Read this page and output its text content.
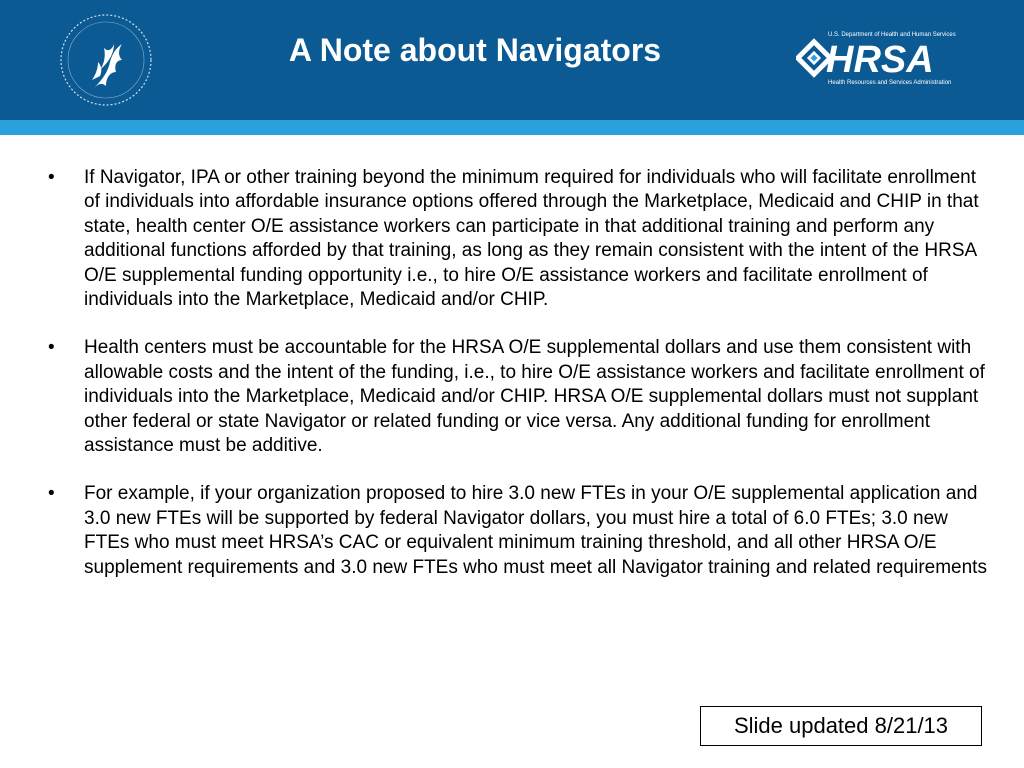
A Note about Navigators	U.S. Department of Health and Human Services
HRSA
Health Resources and Services Administration

• If Navigator, IPA or other training beyond the minimum required for individuals who will facilitate enrollment of individuals into affordable insurance options offered through the Marketplace, Medicaid and CHIP in that state, health center O/E assistance workers can participate in that additional training and perform any additional functions afforded by that training, as long as they remain consistent with the intent of the HRSA O/E supplemental funding opportunity i.e., to hire O/E assistance workers and facilitate enrollment of individuals into the Marketplace, Medicaid and/or CHIP.

• Health centers must be accountable for the HRSA O/E supplemental dollars and use them consistent with allowable costs and the intent of the funding, i.e., to hire O/E assistance workers and facilitate enrollment of individuals into the Marketplace, Medicaid and/or CHIP. HRSA O/E supplemental dollars must not supplant other federal or state Navigator or related funding or vice versa. Any additional funding for enrollment assistance must be additive.

• For example, if your organization proposed to hire 3.0 new FTEs in your O/E supplemental application and 3.0 new FTEs will be supported by federal Navigator dollars, you must hire a total of 6.0 FTEs; 3.0 new FTEs who must meet HRSA’s CAC or equivalent minimum training threshold, and all other HRSA O/E supplement requirements and 3.0 new FTEs who must meet all Navigator training and related requirements

Slide updated 8/21/13
